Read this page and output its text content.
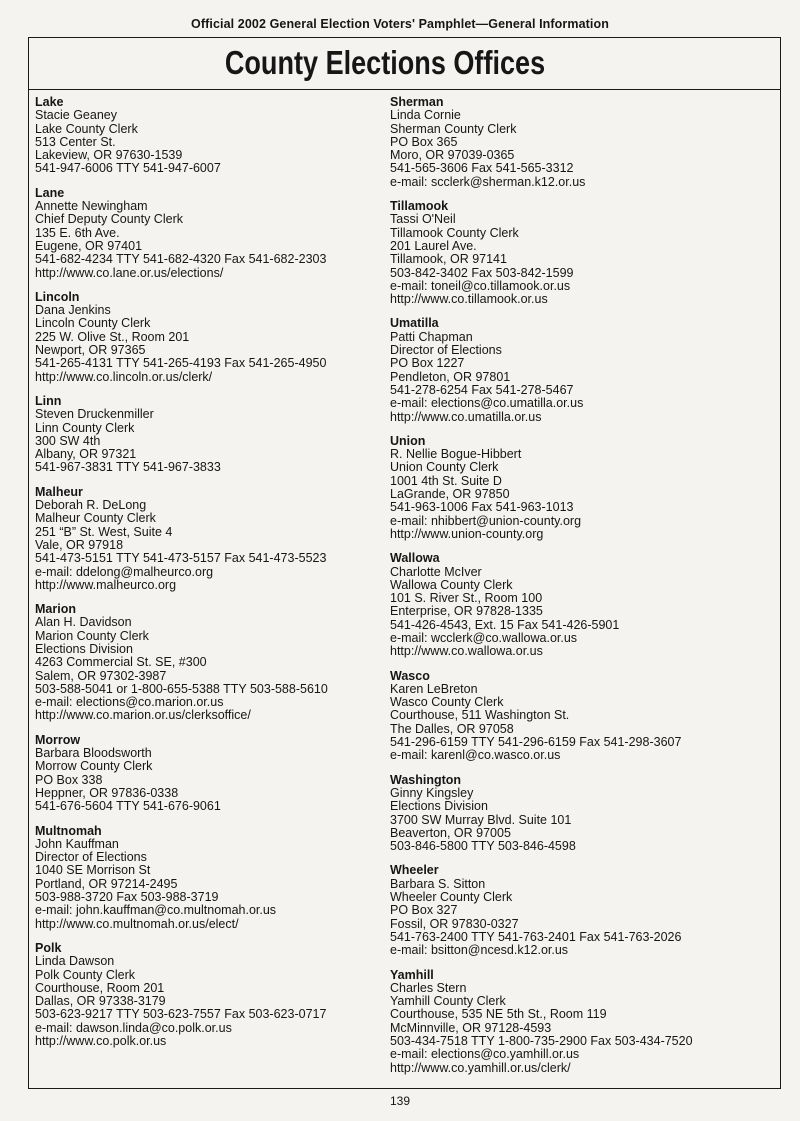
Official 2002 General Election Voters' Pamphlet—General Information
County Elections Offices
Lake
Stacie Geaney
Lake County Clerk
513 Center St.
Lakeview, OR 97630-1539
541-947-6006 TTY 541-947-6007
Lane
Annette Newingham
Chief Deputy County Clerk
135 E. 6th Ave.
Eugene, OR 97401
541-682-4234 TTY 541-682-4320 Fax 541-682-2303
http://www.co.lane.or.us/elections/
Lincoln
Dana Jenkins
Lincoln County Clerk
225 W. Olive St., Room 201
Newport, OR 97365
541-265-4131 TTY 541-265-4193 Fax 541-265-4950
http://www.co.lincoln.or.us/clerk/
Linn
Steven Druckenmiller
Linn County Clerk
300 SW 4th
Albany, OR 97321
541-967-3831 TTY 541-967-3833
Malheur
Deborah R. DeLong
Malheur County Clerk
251 “B” St. West, Suite 4
Vale, OR 97918
541-473-5151 TTY 541-473-5157 Fax 541-473-5523
e-mail: ddelong@malheurco.org
http://www.malheurco.org
Marion
Alan H. Davidson
Marion County Clerk
Elections Division
4263 Commercial St. SE, #300
Salem, OR 97302-3987
503-588-5041 or 1-800-655-5388 TTY 503-588-5610
e-mail: elections@co.marion.or.us
http://www.co.marion.or.us/clerksoffice/
Morrow
Barbara Bloodsworth
Morrow County Clerk
PO Box 338
Heppner, OR 97836-0338
541-676-5604 TTY 541-676-9061
Multnomah
John Kauffman
Director of Elections
1040 SE Morrison St
Portland, OR 97214-2495
503-988-3720 Fax 503-988-3719
e-mail: john.kauffman@co.multnomah.or.us
http://www.co.multnomah.or.us/elect/
Polk
Linda Dawson
Polk County Clerk
Courthouse, Room 201
Dallas, OR 97338-3179
503-623-9217 TTY 503-623-7557 Fax 503-623-0717
e-mail: dawson.linda@co.polk.or.us
http://www.co.polk.or.us
Sherman
Linda Cornie
Sherman County Clerk
PO Box 365
Moro, OR 97039-0365
541-565-3606 Fax 541-565-3312
e-mail: scclerk@sherman.k12.or.us
Tillamook
Tassi O'Neil
Tillamook County Clerk
201 Laurel Ave.
Tillamook, OR 97141
503-842-3402 Fax 503-842-1599
e-mail: toneil@co.tillamook.or.us
http://www.co.tillamook.or.us
Umatilla
Patti Chapman
Director of Elections
PO Box 1227
Pendleton, OR 97801
541-278-6254 Fax 541-278-5467
e-mail: elections@co.umatilla.or.us
http://www.co.umatilla.or.us
Union
R. Nellie Bogue-Hibbert
Union County Clerk
1001 4th St. Suite D
LaGrande, OR 97850
541-963-1006 Fax 541-963-1013
e-mail: nhibbert@union-county.org
http://www.union-county.org
Wallowa
Charlotte McIver
Wallowa County Clerk
101 S. River St., Room 100
Enterprise, OR 97828-1335
541-426-4543, Ext. 15 Fax 541-426-5901
e-mail: wcclerk@co.wallowa.or.us
http://www.co.wallowa.or.us
Wasco
Karen LeBreton
Wasco County Clerk
Courthouse, 511 Washington St.
The Dalles, OR 97058
541-296-6159 TTY 541-296-6159 Fax 541-298-3607
e-mail: karenl@co.wasco.or.us
Washington
Ginny Kingsley
Elections Division
3700 SW Murray Blvd. Suite 101
Beaverton, OR 97005
503-846-5800 TTY 503-846-4598
Wheeler
Barbara S. Sitton
Wheeler County Clerk
PO Box 327
Fossil, OR 97830-0327
541-763-2400 TTY 541-763-2401 Fax 541-763-2026
e-mail: bsitton@ncesd.k12.or.us
Yamhill
Charles Stern
Yamhill County Clerk
Courthouse, 535 NE 5th St., Room 119
McMinnville, OR 97128-4593
503-434-7518 TTY 1-800-735-2900 Fax 503-434-7520
e-mail: elections@co.yamhill.or.us
http://www.co.yamhill.or.us/clerk/
139
